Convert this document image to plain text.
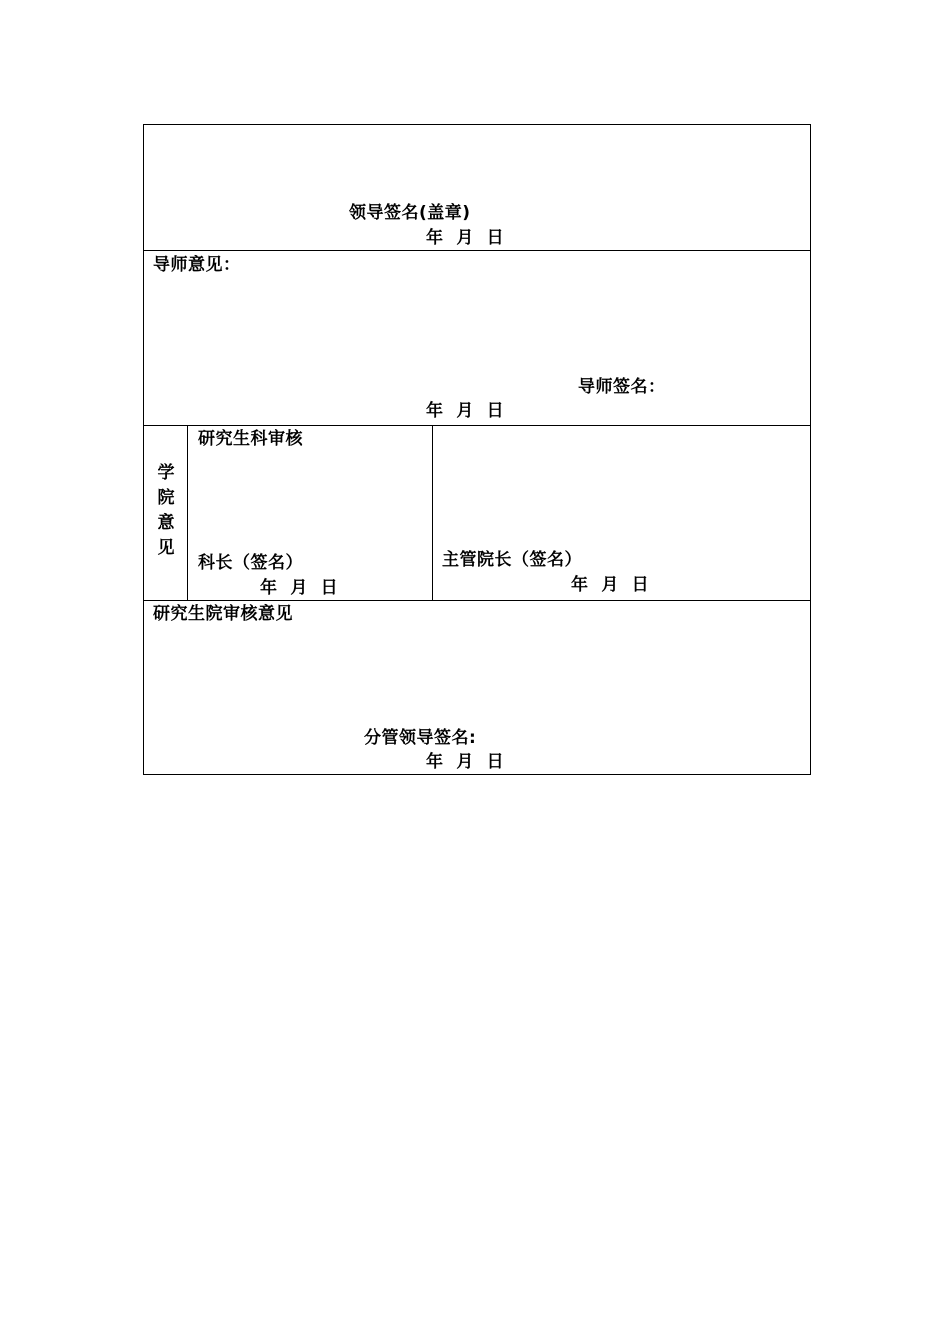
领导签名(盖章)
年  月  日
导师意见：
导师签名：
年  月  日
学
院
意
见
研究生科审核
科长（签名）
年  月  日
主管院长（签名）
年  月  日
研究生院审核意见
分管领导签名:
年  月  日
